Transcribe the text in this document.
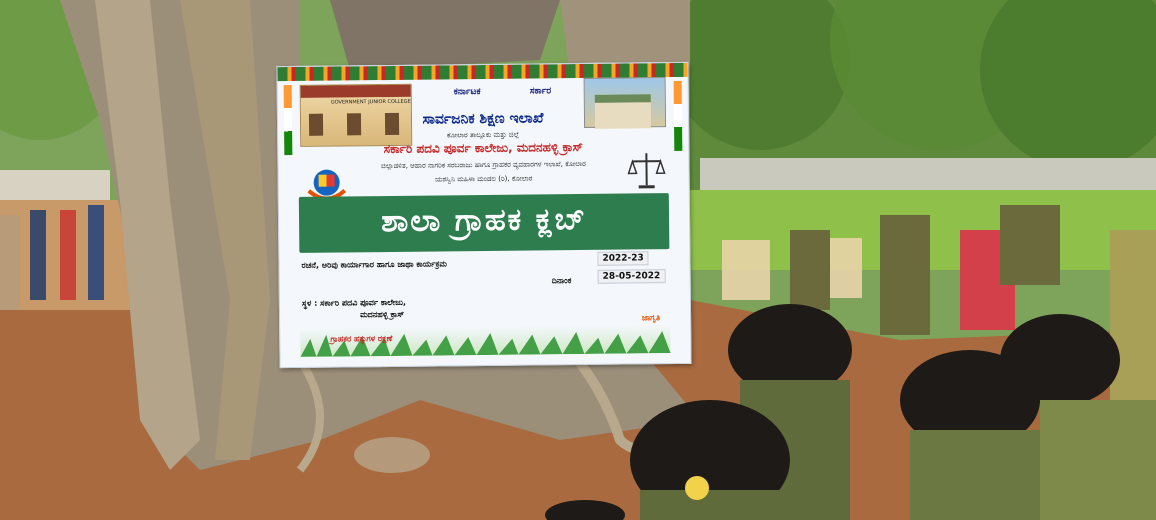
GOVERNMENT JUNIOR COLLEGE
ಕರ್ನಾಟಕ	ಸರ್ಕಾರ
ಸಾರ್ವಜನಿಕ ಶಿಕ್ಷಣ ಇಲಾಖೆ
ಕೋಲಾರ ತಾಲ್ಲೂಕು ಮತ್ತು ಜಿಲ್ಲೆ
ಸರ್ಕಾರಿ ಪದವಿ ಪೂರ್ವ ಕಾಲೇಜು, ಮದನಹಳ್ಳಿ ಕ್ರಾಸ್
ಜಿಲ್ಲಾಡಳಿತ, ಆಹಾರ ನಾಗರಿಕ ಸರಬರಾಜು ಹಾಗೂ ಗ್ರಾಹಕರ ವ್ಯವಹಾರಗಳ ಇಲಾಖೆ, ಕೋಲಾರ
ಯಶಸ್ವಿನಿ ಮಹಿಳಾ ಮಂಡಲ (ರಿ), ಕೋಲಾರ
ಶಾಲಾ ಗ್ರಾಹಕ ಕ್ಲಬ್
ರಚನೆ, ಅರಿವು ಕಾರ್ಯಾಗಾರ ಹಾಗೂ ಜಾಥಾ ಕಾರ್ಯಕ್ರಮ
2022-23
ದಿನಾಂಕ	28-05-2022
ಸ್ಥಳ : ಸರ್ಕಾರಿ ಪದವಿ ಪೂರ್ವ ಕಾಲೇಜು,
ಮದನಹಳ್ಳಿ ಕ್ರಾಸ್	ಜಾಗೃತಿ
ಗ್ರಾಹಕರ ಹಕ್ಕುಗಳ ರಕ್ಷಣೆ
